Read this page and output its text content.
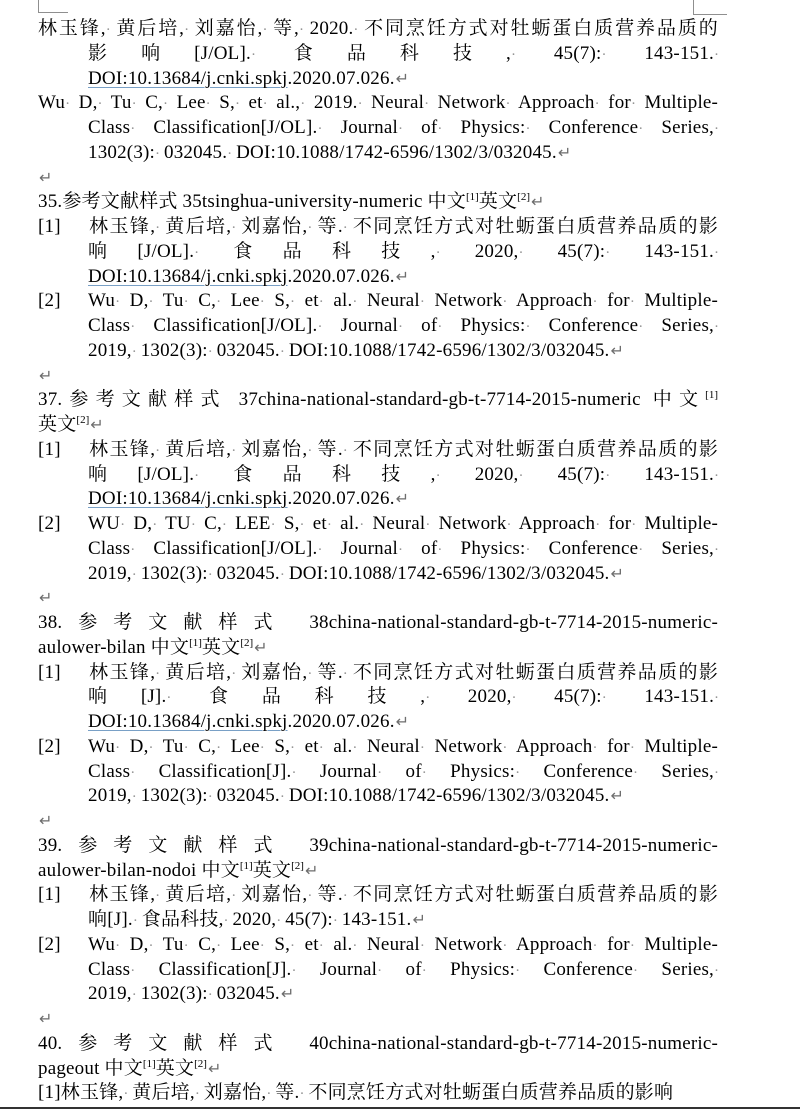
林玉锋,· 黄后培,· 刘嘉怡,· 等,· 2020.· 不同烹饪方式对牡蛎蛋白质营养品质的
影响[J/OL].· 食品科技,· 45(7):· 143-151.·
DOI:10.13684/j.cnki.spkj.2020.07.026.↵
Wu· D,· Tu· C,· Lee· S,· et· al.,· 2019.· Neural· Network· Approach· for· Multiple-
Class· Classification[J/OL].· Journal· of· Physics:· Conference· Series,·
1302(3):· 032045.· DOI:10.1088/1742-6596/1302/3/032045.↵
↵
35.参考文献样式 35tsinghua-university-numeric 中文[1]英文[2]↵
[1] 林玉锋,· 黄后培,· 刘嘉怡,· 等.· 不同烹饪方式对牡蛎蛋白质营养品质的影
响[J/OL].· 食品科技,· 2020,· 45(7):· 143-151.·
DOI:10.13684/j.cnki.spkj.2020.07.026.↵
[2] Wu· D,· Tu· C,· Lee· S,· et· al.· Neural· Network· Approach· for· Multiple-
Class· Classification[J/OL].· Journal· of· Physics:· Conference· Series,·
2019,· 1302(3):· 032045.· DOI:10.1088/1742-6596/1302/3/032045.↵
↵
37.参考文献样式 37china-national-standard-gb-t-7714-2015-numeric 中文[1]
英文[2]↵
[1] 林玉锋,· 黄后培,· 刘嘉怡,· 等.· 不同烹饪方式对牡蛎蛋白质营养品质的影
响[J/OL].· 食品科技,· 2020,· 45(7):· 143-151.·
DOI:10.13684/j.cnki.spkj.2020.07.026.↵
[2] WU· D,· TU· C,· LEE· S,· et· al.· Neural· Network· Approach· for· Multiple-
Class· Classification[J/OL].· Journal· of· Physics:· Conference· Series,·
2019,· 1302(3):· 032045.· DOI:10.1088/1742-6596/1302/3/032045.↵
↵
38.参考文献样式 38china-national-standard-gb-t-7714-2015-numeric-
aulower-bilan 中文[1]英文[2]↵
[1] 林玉锋,· 黄后培,· 刘嘉怡,· 等.· 不同烹饪方式对牡蛎蛋白质营养品质的影
响[J].· 食品科技,· 2020,· 45(7):· 143-151.·
DOI:10.13684/j.cnki.spkj.2020.07.026.↵
[2] Wu· D,· Tu· C,· Lee· S,· et· al.· Neural· Network· Approach· for· Multiple-
Class· Classification[J].· Journal· of· Physics:· Conference· Series,·
2019,· 1302(3):· 032045.· DOI:10.1088/1742-6596/1302/3/032045.↵
↵
39.参考文献样式 39china-national-standard-gb-t-7714-2015-numeric-
aulower-bilan-nodoi 中文[1]英文[2]↵
[1] 林玉锋,· 黄后培,· 刘嘉怡,· 等.· 不同烹饪方式对牡蛎蛋白质营养品质的影
响[J].· 食品科技,· 2020,· 45(7):· 143-151.↵
[2] Wu· D,· Tu· C,· Lee· S,· et· al.· Neural· Network· Approach· for· Multiple-
Class· Classification[J].· Journal· of· Physics:· Conference· Series,·
2019,· 1302(3):· 032045.↵
↵
40.参考文献样式 40china-national-standard-gb-t-7714-2015-numeric-
pageout 中文[1]英文[2]↵
[1]林玉锋,· 黄后培,· 刘嘉怡,· 等.· 不同烹饪方式对牡蛎蛋白质营养品质的影响
